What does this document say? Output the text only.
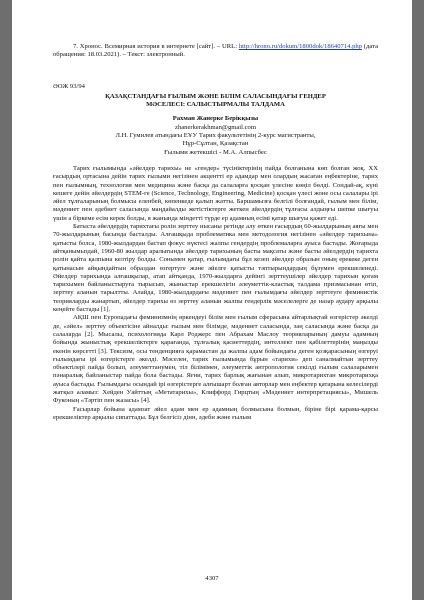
7. Хронос. Всемирная история в интернете [сайт]. – URL: http://hrono.ru/dokum/1800dok/18640714.php (дата обращения: 18.03.2021). – Текст: электронный.

ӘОЖ 93/94

ҚАЗАҚСТАНДАҒЫ ҒЫЛЫМ ЖӘНЕ БІЛІМ САЛАСЫНДАҒЫ ГЕНДЕР
МӘСЕЛЕСІ: САЛЫСТЫРМАЛЫ ТАЛДАМА

Рахман Жанерке Берікқызы

zhanerkerakhman@gmail.com

Л.Н. Гумилев атындағы ЕҰУ Тарих факультетінің 2-курс магистранты,

Нұр-Сұлтан, Қазақстан

Ғылыми жетекшісі - М.А. Алпысбес

Тарих ғылымында «әйелдер тарихы» не «гендер» түсініктерінің пайда болғанына көп болған жоқ. ХХ ғасырдың ортасына дейін тарих ғылыми негізінен акцентті ер адамдар мен олардың жасаған еңбектеріне, тарих пен ғылымның, технология мен медицина және басқа да салаларға қосқан үлесіне көңіл бөлді. Сондай-ақ, күні кешеге дейін әйелдердің STEM-ге (Science, Technology, Engineering, Medicine) қосқан үлесі жоне осы салалары ірі әйел тұлғаларының болмысы еленбей, көпенкеде қалып жатты. Баршамызға белгілі болғандай, ғылым мен білім, мәдениет пен әдебиет саласында маңдайалды жетістіктерге жеткен әйелдердің тұлғасы алдыңғы шепке шығуы үшін а біркеме есім керек болды, я жанында міндетті түрде ер адамның есімі қатар шығуы қажет еді.

Батыста әйелдердің тарихтағы ролін зерттеу нысаны ретінде алу өткен ғасырдың 60-жылдарының аяғы мен 70-жылдарының басында басталды. Алғашқыда проблематика мен методология негізінен «әйелдер тарихына» қатысты болса, 1980-жылдардан бастап фокус нүктесі жалпы гендердің проблемаларға ауыса бастады. Жоғарыда айтқанымыздай, 1960-80 жылдар аралығында әйелдер тарихының басты мақсаты және басты әйелдердің тарихта ролін қайта қалпына келтіру болды. Сонымен қатар, ғылымдағы бұл кезеп әйелдер образын оның ерекеке деген қатынасын айқындайтын образдан өзгертуге және әйелге қатысты тәптырындардың бұзумен ерекшеленеді. Әйелдер тарихында алғашқылар, атап айтқанда, 1970-жылдарға дейінгі зерттеушілер әйелдер тарихын қоғам тарихымен байланыстыруға тырысып, жыныстар ерекшелігін әлеуметтік-кластық талдама призмасынан өтіп, зерттеу аланын тарылтты. Алайда, 1980-жылдардағы мәдениет пен ғылымдағы әйелдер зерттеуге феминистік теорияларды жанартып, әйелдер тарихы өз зерттеу аланын жалпы гендерлік мәселелерге де назар аудару арқылы кеңейте бастады [1].

АҚШ пен Еуропадағы феминизмнің өркендеуі білім мен ғылым сферасына айтарлықтай өзгерістер әкелді де, «әйел» зерттеу объектісіне айналды: ғылым мен білімде, мәдениет саласында, заң саласында және басқа да салаларда [2]. Мысалы, психологияда Карл Роджерс пен Абрахам Маслоу теорияларының дамуы адамның бойында жыныстық ерекшеліктерге қарағанда, тұлғалық қасиеттердің, интеллект пен қабілеттерінің маңызды екенін көрсетті [3]. Тексизм, осы тенденцияға қарамастан да жалпы адам бойындағы деген қозқарасының өзгеруі ғылымдағы ірі өзгерістерге әкелді. Мәселен, тарих ғылымында бұрын «тарихи» деп саналмайтын зерттеу объектілері пайда болып, әлеуметтанумен, тіл білімімен, әлеуметтік антропология секілді ғылым салаларымен пәнаралық байланыстар пайда бола бастады. Яғни, тарих барлық жағынан алып, микротарихтан микротарихқа ауыса бастады. Ғылымдағы осындай ірі өзгерістерге алғышарт болған авторлар мен еңбектер қатарына келесілерді жатқыз аламыз: Хейден Уайттың «Метатарихы», Клиффорд Гирцтың «Мәдениет интерпретациясы», Мишель Фуконың «Тәртіп пен жазасы» [4].

Ғасырлар бойына адамзат әйел адам мен ер адамның болмысына болмын, біріне бірі қарама-қарсы ерекшеліктер арқылы сипаттады. Бұл белгісіз дінн, әдебн және ғылым

4307
